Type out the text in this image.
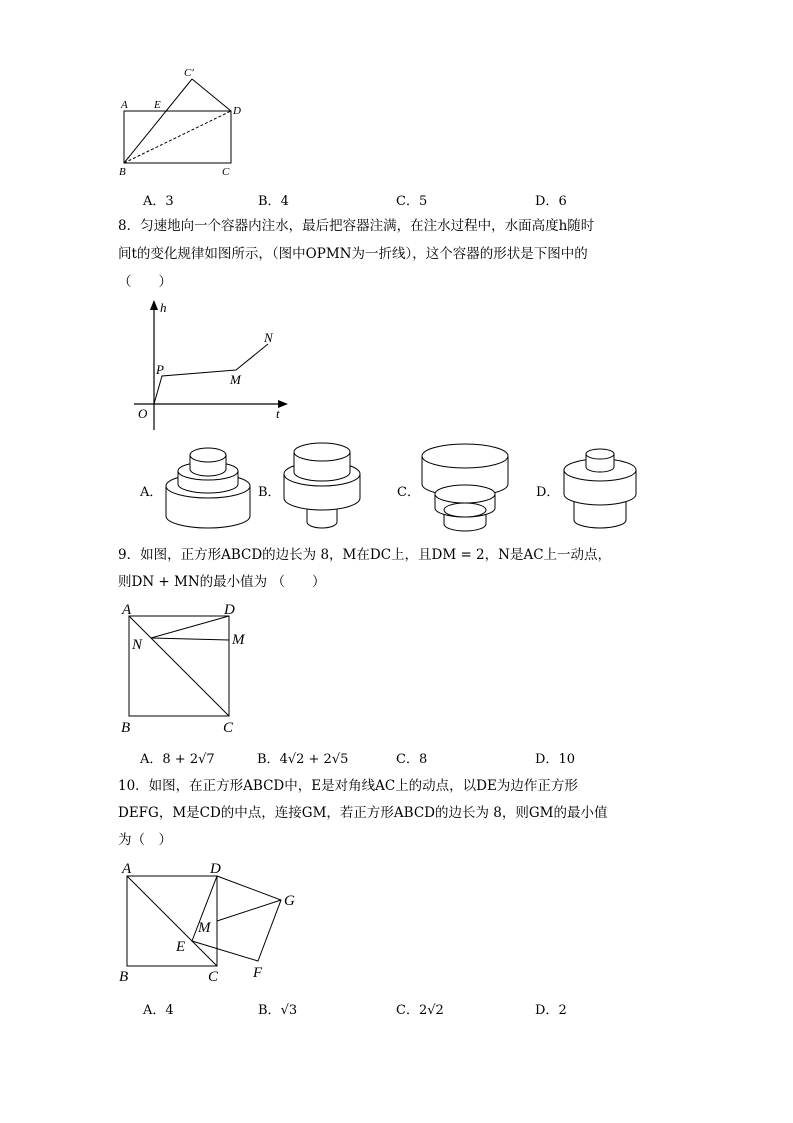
A E
C′
D
B	C
A．3	B．4	C．5	D．6
8．匀速地向一个容器内注水，最后把容器注满，在注水过程中，水面高度h随时
间t的变化规律如图所示，（图中OPMN为一折线），这个容器的形状是下图中的
（　　）
h
t
O
P
M
N
A．	B．	C．	D．
9．如图，正方形ABCD的边长为 8，M在DC上，且DM = 2，N是AC上一动点，
则DN + MN的最小值为 （　　）
A	D
N	M
B	C
A．8 + 2√7	B．4√2 + 2√5	C．8	D．10
10．如图，在正方形ABCD中，E是对角线AC上的动点，以DE为边作正方形
DEFG，M是CD的中点，连接GM，若正方形ABCD的边长为 8，则GM的最小值
为（　）
A	D
G
M
E
B	C F
A．4	B．√3	C．2√2	D．2
